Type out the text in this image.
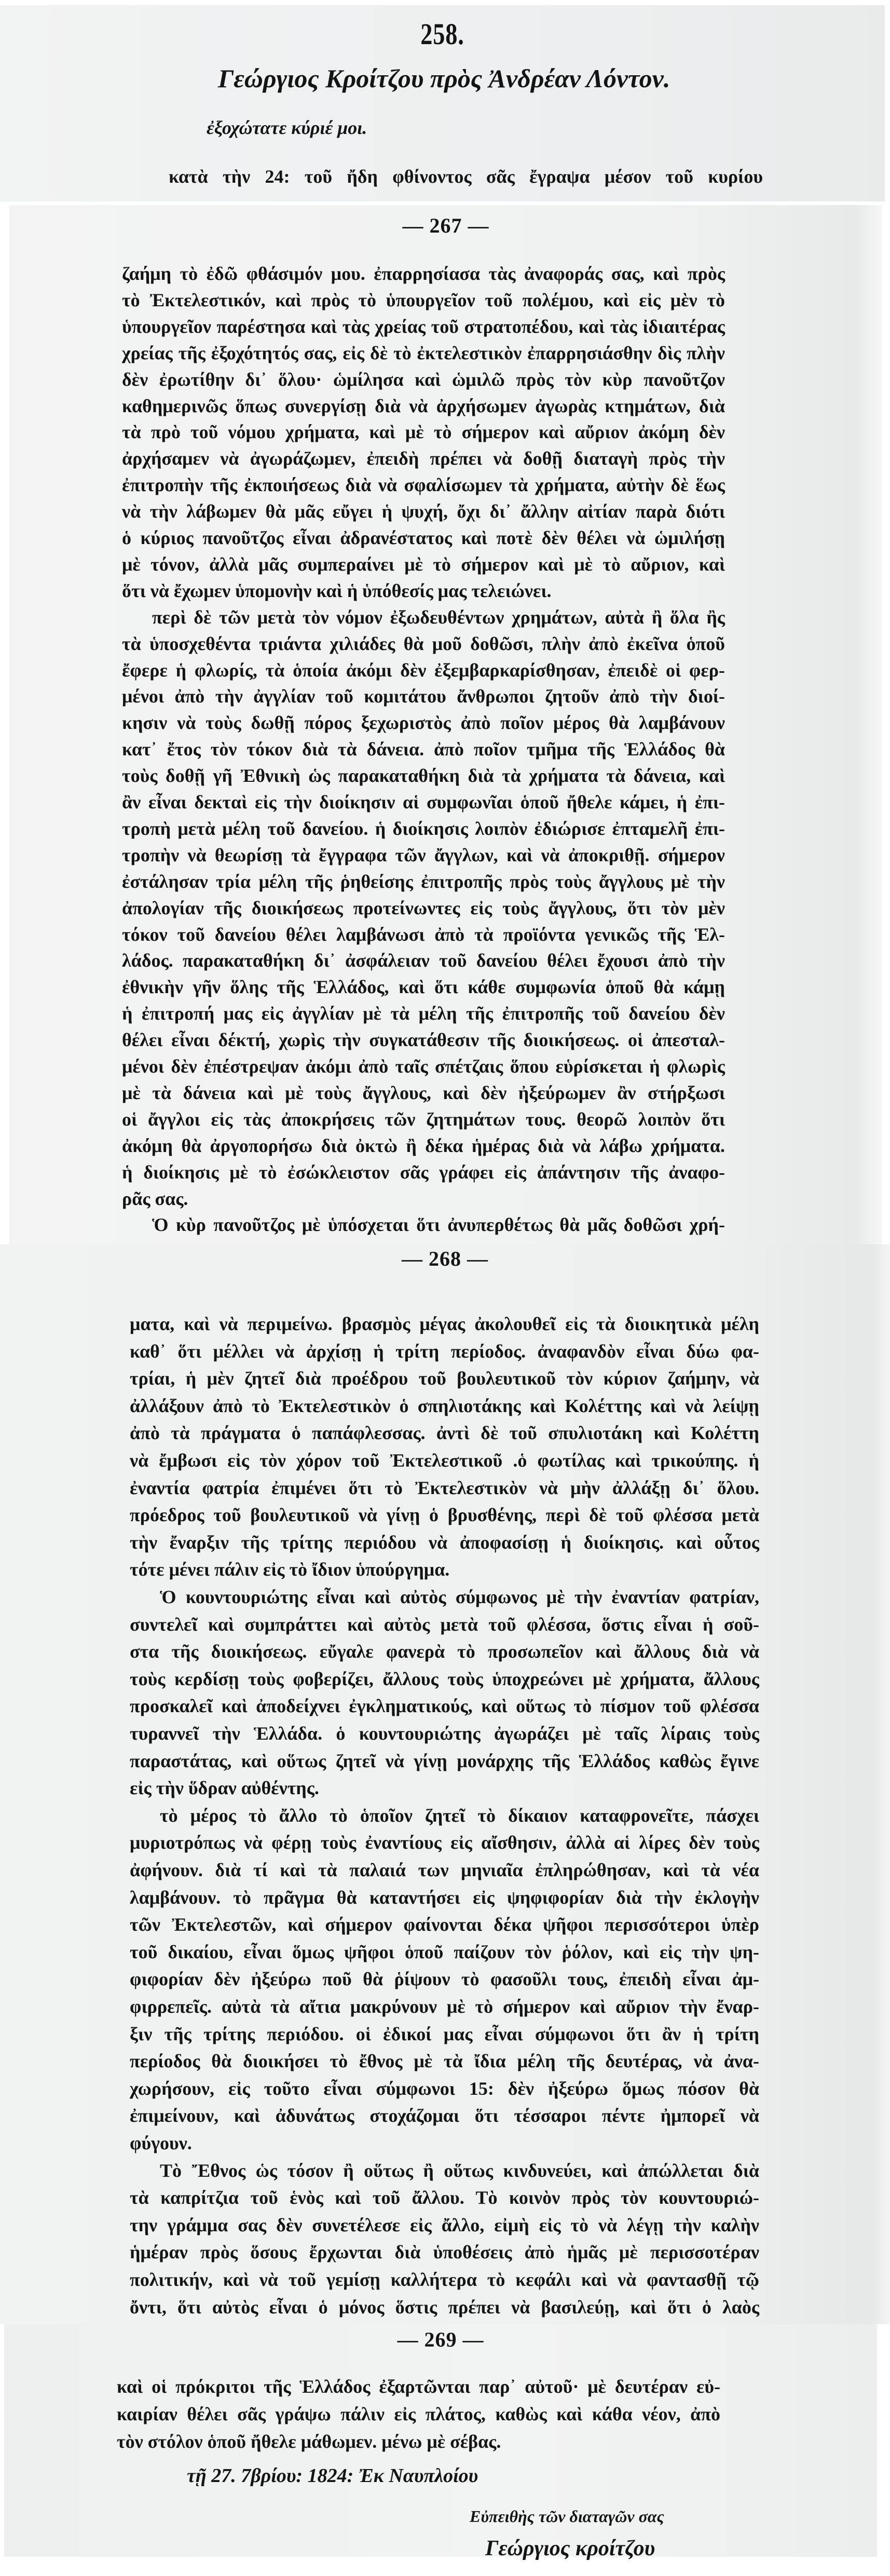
258.
Γεώργιος Κροίτζου πρὸς Ἀνδρέαν Λόντον.
ἐξοχώτατε κύριέ μοι.
κατὰ τὴν 24: τοῦ ἤδη φθίνοντος σᾶς ἔγραψα μέσον τοῦ κυρίου
— 267 —
ζαήμη τὸ ἐδῶ φθάσιμόν μου. ἐπαρρησίασα τὰς ἀναφοράς σας, καὶ πρὸς
τὸ Ἐκτελεστικόν, καὶ πρὸς τὸ ὑπουργεῖον τοῦ πολέμου, καὶ εἰς μὲν τὸ
ὑπουργεῖον παρέστησα καὶ τὰς χρείας τοῦ στρατοπέδου, καὶ τὰς ἰδιαιτέρας
χρείας τῆς ἐξοχότητός σας, εἰς δὲ τὸ ἐκτελεστικὸν ἐπαρρησιάσθην δὶς πλὴν
δὲν ἐρωτίθην δι᾽ ὅλου· ὡμίλησα καὶ ὡμιλῶ πρὸς τὸν κὺρ πανοῦτζον
καθημερινῶς ὅπως συνεργίσῃ διὰ νὰ ἀρχήσωμεν ἀγωρὰς κτημάτων, διὰ
τὰ πρὸ τοῦ νόμου χρήματα, καὶ μὲ τὸ σήμερον καὶ αὔριον ἀκόμη δὲν
ἀρχήσαμεν νὰ ἀγωράζωμεν, ἐπειδὴ πρέπει νὰ δοθῇ διαταγὴ πρὸς τὴν
ἐπιτροπὴν τῆς ἐκποιήσεως διὰ νὰ σφαλίσωμεν τὰ χρήματα, αὐτὴν δὲ ἕως
νὰ τὴν λάβωμεν θὰ μᾶς εὔγει ἡ ψυχή, ὄχι δι᾽ ἄλλην αἰτίαν παρὰ διότι
ὁ κύριος πανοῦτζος εἶναι ἀδρανέστατος καὶ ποτὲ δὲν θέλει νὰ ὡμιλήσῃ
μὲ τόνον, ἀλλὰ μᾶς συμπεραίνει μὲ τὸ σήμερον καὶ μὲ τὸ αὔριον, καὶ
ὅτι νὰ ἔχωμεν ὑπομονὴν καὶ ἡ ὑπόθεσίς μας τελειώνει.
περὶ δὲ τῶν μετὰ τὸν νόμον ἐξωδευθέντων χρημάτων, αὐτὰ ἢ ὅλα ἢς
τὰ ὑποσχεθέντα τριάντα χιλιάδες θὰ μοῦ δοθῶσι, πλὴν ἀπὸ ἐκεῖνα ὁποῦ
ἔφερε ἡ φλωρίς, τὰ ὁποία ἀκόμι δὲν ἐξεμβαρκαρίσθησαν, ἐπειδὲ οἱ φερ-
μένοι ἀπὸ τὴν ἀγγλίαν τοῦ κομιτάτου ἄνθρωποι ζητοῦν ἀπὸ τὴν διοί-
κησιν νὰ τοὺς δωθῇ πόρος ξεχωριστὸς ἀπὸ ποῖον μέρος θὰ λαμβάνουν
κατ᾽ ἔτος τὸν τόκον διὰ τὰ δάνεια. ἀπὸ ποῖον τμῆμα τῆς Ἑλλάδος θὰ
τοὺς δοθῇ γῆ Ἐθνικὴ ὡς παρακαταθήκη διὰ τὰ χρήματα τὰ δάνεια, καὶ
ἂν εἶναι δεκταὶ εἰς τὴν διοίκησιν αἱ συμφωνῖαι ὁποῦ ἤθελε κάμει, ἡ ἐπι-
τροπὴ μετὰ μέλη τοῦ δανείου. ἡ διοίκησις λοιπὸν ἐδιώρισε ἐπταμελῆ ἐπι-
τροπὴν νὰ θεωρίσῃ τὰ ἔγγραφα τῶν ἄγγλων, καὶ νὰ ἀποκριθῇ. σήμερον
ἐστάλησαν τρία μέλη τῆς ῥηθείσης ἐπιτροπῆς πρὸς τοὺς ἄγγλους μὲ τὴν
ἀπολογίαν τῆς διοικήσεως προτείνωντες εἰς τοὺς ἄγγλους, ὅτι τὸν μὲν
τόκον τοῦ δανείου θέλει λαμβάνωσι ἀπὸ τὰ προϊόντα γενικῶς τῆς Ἑλ-
λάδος. παρακαταθήκη δι᾽ ἀσφάλειαν τοῦ δανείου θέλει ἔχουσι ἀπὸ τὴν
ἐθνικὴν γῆν ὅλης τῆς Ἑλλάδος, καὶ ὅτι κάθε συμφωνία ὁποῦ θὰ κάμῃ
ἡ ἐπιτροπή μας εἰς ἀγγλίαν μὲ τὰ μέλη τῆς ἐπιτροπῆς τοῦ δανείου δὲν
θέλει εἶναι δέκτή, χωρὶς τὴν συγκατάθεσιν τῆς διοικήσεως. οἱ ἀπεσταλ-
μένοι δὲν ἐπέστρεψαν ἀκόμι ἀπὸ ταῖς σπέτζαις ὅπου εὑρίσκεται ἡ φλωρὶς
μὲ τὰ δάνεια καὶ μὲ τοὺς ἄγγλους, καὶ δὲν ἠξεύρωμεν ἂν στήρξωσι
οἱ ἄγγλοι εἰς τὰς ἀποκρήσεις τῶν ζητημάτων τους. θεορῶ λοιπὸν ὅτι
ἀκόμη θὰ ἀργοπορήσω διὰ ὀκτὼ ἢ δέκα ἡμέρας διὰ νὰ λάβω χρήματα.
ἡ διοίκησις μὲ τὸ ἐσώκλειστον σᾶς γράφει εἰς ἀπάντησιν τῆς ἀναφο-
ρᾶς σας.
Ὁ κὺρ πανοῦτζος μὲ ὑπόσχεται ὅτι ἀνυπερθέτως θὰ μᾶς δοθῶσι χρή-
— 268 —
ματα, καὶ νὰ περιμείνω. βρασμὸς μέγας ἀκολουθεῖ εἰς τὰ διοικητικὰ μέλη
καθ᾽ ὅτι μέλλει νὰ ἀρχίσῃ ἡ τρίτη περίοδος. ἀναφανδὸν εἶναι δύω φα-
τρίαι, ἡ μὲν ζητεῖ διὰ προέδρου τοῦ βουλευτικοῦ τὸν κύριον ζαήμην, νὰ
ἀλλάξουν ἀπὸ τὸ Ἐκτελεστικὸν ὁ σπηλιοτάκης καὶ Κολέττης καὶ νὰ λείψῃ
ἀπὸ τὰ πράγματα ὁ παπάφλεσσας. ἀντὶ δὲ τοῦ σπυλιοτάκη καὶ Κολέττη
νὰ ἔμβωσι εἰς τὸν χόρον τοῦ Ἐκτελεστικοῦ .ὁ φωτίλας καὶ τρικούπης. ἡ
ἐναντία φατρία ἐπιμένει ὅτι τὸ Ἐκτελεστικὸν νὰ μὴν ἀλλάξῃ δι᾽ ὅλου.
πρόεδρος τοῦ βουλευτικοῦ νὰ γίνῃ ὁ βρυσθένης, περὶ δὲ τοῦ φλέσσα μετὰ
τὴν ἔναρξιν τῆς τρίτης περιόδου νὰ ἀποφασίσῃ ἡ διοίκησις. καὶ οὗτος
τότε μένει πάλιν εἰς τὸ ἴδιον ὑπούργημα.
Ὁ κουντουριώτης εἶναι καὶ αὐτὸς σύμφωνος μὲ τὴν ἐναντίαν φατρίαν,
συντελεῖ καὶ συμπράττει καὶ αὐτὸς μετὰ τοῦ φλέσσα, ὅστις εἶναι ἡ σοῦ-
στα τῆς διοικήσεως. εὔγαλε φανερὰ τὸ προσωπεῖον καὶ ἄλλους διὰ νὰ
τοὺς κερδίσῃ τοὺς φοβερίζει, ἄλλους τοὺς ὑποχρεώνει μὲ χρήματα, ἄλλους
προσκαλεῖ καὶ ἀποδείχνει ἐγκληματικούς, καὶ οὕτως τὸ πίσμον τοῦ φλέσσα
τυραννεῖ τὴν Ἑλλάδα. ὁ κουντουριώτης ἀγωράζει μὲ ταῖς λίραις τοὺς
παραστάτας, καὶ οὕτως ζητεῖ νὰ γίνῃ μονάρχης τῆς Ἑλλάδος καθὼς ἔγινε
εἰς τὴν ὕδραν αὐθέντης.
τὸ μέρος τὸ ἄλλο τὸ ὁποῖον ζητεῖ τὸ δίκαιον καταφρονεῖτε, πάσχει
μυριοτρόπως νὰ φέρῃ τοὺς ἐναντίους εἰς αἴσθησιν, ἀλλὰ αἱ λίρες δὲν τοὺς
ἀφήνουν. διὰ τί καὶ τὰ παλαιά των μηνιαῖα ἐπληρώθησαν, καὶ τὰ νέα
λαμβάνουν. τὸ πρᾶγμα θὰ καταντήσει εἰς ψηφιφορίαν διὰ τὴν ἐκλογὴν
τῶν Ἐκτελεστῶν, καὶ σήμερον φαίνονται δέκα ψῆφοι περισσότεροι ὑπὲρ
τοῦ δικαίου, εἶναι ὅμως ψῆφοι ὁποῦ παίζουν τὸν ῥόλον, καὶ εἰς τὴν ψη-
φιφορίαν δὲν ἠξεύρω ποῦ θὰ ῥίψουν τὸ φασοῦλι τους, ἐπειδὴ εἶναι ἀμ-
φιρρεπεῖς. αὐτὰ τὰ αἴτια μακρύνουν μὲ τὸ σήμερον καὶ αὔριον τὴν ἔναρ-
ξιν τῆς τρίτης περιόδου. οἱ ἐδικοί μας εἶναι σύμφωνοι ὅτι ἂν ἡ τρίτη
περίοδος θὰ διοικήσει τὸ ἔθνος μὲ τὰ ἴδια μέλη τῆς δευτέρας, νὰ ἀνα-
χωρήσουν, εἰς τοῦτο εἶναι σύμφωνοι 15: δὲν ἠξεύρω ὅμως πόσον θὰ
ἐπιμείνουν, καὶ ἀδυνάτως στοχάζομαι ὅτι τέσσαροι πέντε ἠμπορεῖ νὰ
φύγουν.
Τὸ Ἔθνος ὡς τόσον ἢ οὕτως ἢ οὕτως κινδυνεύει, καὶ ἀπώλλεται διὰ
τὰ καπρίτζια τοῦ ἑνὸς καὶ τοῦ ἄλλου. Τὸ κοινὸν πρὸς τὸν κουντουριώ-
την γράμμα σας δὲν συνετέλεσε εἰς ἄλλο, εἰμὴ εἰς τὸ νὰ λέγῃ τὴν καλὴν
ἡμέραν πρὸς ὅσους ἔρχωνται διὰ ὑποθέσεις ἀπὸ ἡμᾶς μὲ περισσοτέραν
πολιτικήν, καὶ νὰ τοῦ γεμίσῃ καλλήτερα τὸ κεφάλι καὶ νὰ φαντασθῇ τῷ
ὄντι, ὅτι αὐτὸς εἶναι ὁ μόνος ὅστις πρέπει νὰ βασιλεύῃ, καὶ ὅτι ὁ λαὸς
— 269 —
καὶ οἱ πρόκριτοι τῆς Ἑλλάδος ἐξαρτῶνται παρ᾽ αὐτοῦ· μὲ δευτέραν εὐ-
καιρίαν θέλει σᾶς γράψω πάλιν εἰς πλάτος, καθὼς καὶ κάθα νέον, ἀπὸ
τὸν στόλον ὁποῦ ἤθελε μάθωμεν. μένω μὲ σέβας.
τῇ 27. 7βρίου: 1824: Ἐκ Ναυπλοίου
Εὐπειθὴς τῶν διαταγῶν σας
Γεώργιος κροίτζου
